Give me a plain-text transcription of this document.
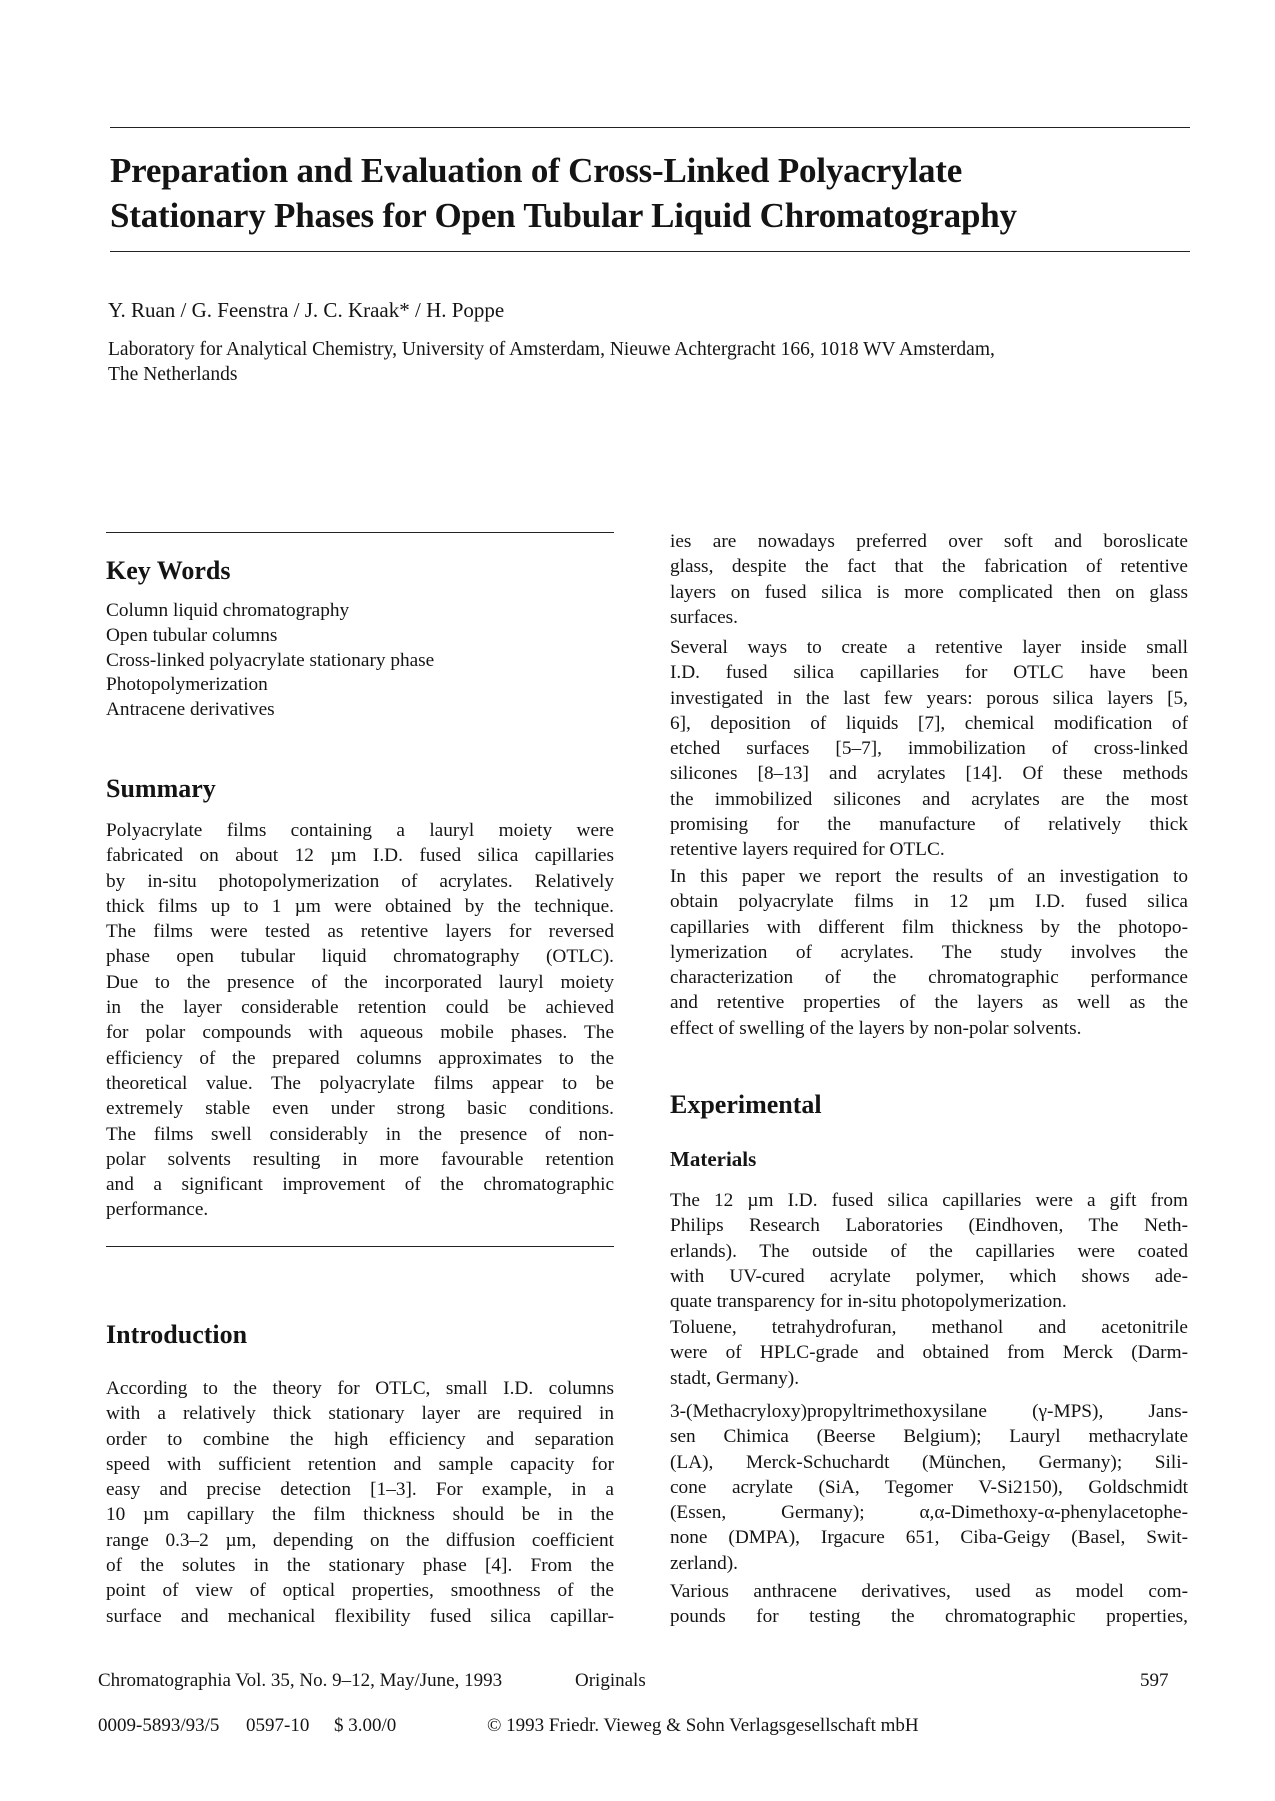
Preparation and Evaluation of Cross-Linked Polyacrylate
Stationary Phases for Open Tubular Liquid Chromatography
Y. Ruan / G. Feenstra / J. C. Kraak* / H. Poppe
Laboratory for Analytical Chemistry, University of Amsterdam, Nieuwe Achtergracht 166, 1018 WV Amsterdam,
The Netherlands
Key Words
Column liquid chromatography
Open tubular columns
Cross-linked polyacrylate stationary phase
Photopolymerization
Antracene derivatives
Summary
Polyacrylate films containing a lauryl moiety were
fabricated on about 12 µm I.D. fused silica capillaries
by in-situ photopolymerization of acrylates. Relatively
thick films up to 1 µm were obtained by the technique.
The films were tested as retentive layers for reversed
phase open tubular liquid chromatography (OTLC).
Due to the presence of the incorporated lauryl moiety
in the layer considerable retention could be achieved
for polar compounds with aqueous mobile phases. The
efficiency of the prepared columns approximates to the
theoretical value. The polyacrylate films appear to be
extremely stable even under strong basic conditions.
The films swell considerably in the presence of non-
polar solvents resulting in more favourable retention
and a significant improvement of the chromatographic
performance.
Introduction
According to the theory for OTLC, small I.D. columns
with a relatively thick stationary layer are required in
order to combine the high efficiency and separation
speed with sufficient retention and sample capacity for
easy and precise detection [1–3]. For example, in a
10 µm capillary the film thickness should be in the
range 0.3–2 µm, depending on the diffusion coefficient
of the solutes in the stationary phase [4]. From the
point of view of optical properties, smoothness of the
surface and mechanical flexibility fused silica capillar-
ies are nowadays preferred over soft and boroslicate
glass, despite the fact that the fabrication of retentive
layers on fused silica is more complicated then on glass
surfaces.
Several ways to create a retentive layer inside small
I.D. fused silica capillaries for OTLC have been
investigated in the last few years: porous silica layers [5,
6], deposition of liquids [7], chemical modification of
etched surfaces [5–7], immobilization of cross-linked
silicones [8–13] and acrylates [14]. Of these methods
the immobilized silicones and acrylates are the most
promising for the manufacture of relatively thick
retentive layers required for OTLC.
In this paper we report the results of an investigation to
obtain polyacrylate films in 12 µm I.D. fused silica
capillaries with different film thickness by the photopo-
lymerization of acrylates. The study involves the
characterization of the chromatographic performance
and retentive properties of the layers as well as the
effect of swelling of the layers by non-polar solvents.
Experimental
Materials
The 12 µm I.D. fused silica capillaries were a gift from
Philips Research Laboratories (Eindhoven, The Neth-
erlands). The outside of the capillaries were coated
with UV-cured acrylate polymer, which shows ade-
quate transparency for in-situ photopolymerization.
Toluene, tetrahydrofuran, methanol and acetonitrile
were of HPLC-grade and obtained from Merck (Darm-
stadt, Germany).
3-(Methacryloxy)propyltrimethoxysilane (γ-MPS), Jans-
sen Chimica (Beerse Belgium); Lauryl methacrylate
(LA), Merck-Schuchardt (München, Germany); Sili-
cone acrylate (SiA, Tegomer V-Si2150), Goldschmidt
(Essen, Germany); α,α-Dimethoxy-α-phenylacetophe-
none (DMPA), Irgacure 651, Ciba-Geigy (Basel, Swit-
zerland).
Various anthracene derivatives, used as model com-
pounds for testing the chromatographic properties,
Chromatographia Vol. 35, No. 9–12, May/June, 1993	Originals	597
0009-5893/93/5 0597-10 $ 3.00/0	© 1993 Friedr. Vieweg & Sohn Verlagsgesellschaft mbH
